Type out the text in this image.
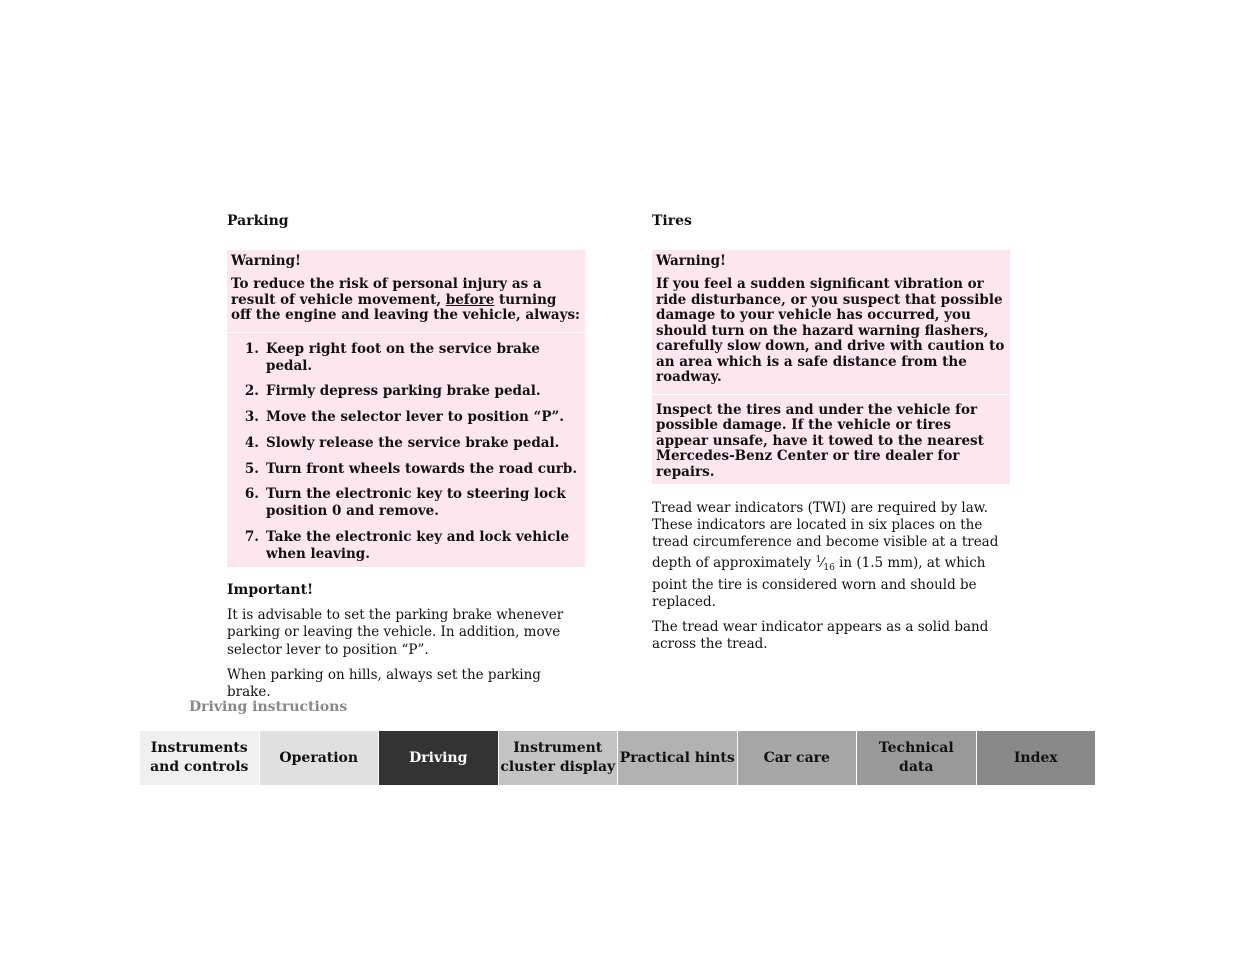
Parking
Warning!

To reduce the risk of personal injury as a result of vehicle movement, before turning off the engine and leaving the vehicle, always:

1. Keep right foot on the service brake pedal.
2. Firmly depress parking brake pedal.
3. Move the selector lever to position “P”.
4. Slowly release the service brake pedal.
5. Turn front wheels towards the road curb.
6. Turn the electronic key to steering lock position 0 and remove.
7. Take the electronic key and lock vehicle when leaving.
Important!

It is advisable to set the parking brake whenever parking or leaving the vehicle. In addition, move selector lever to position “P”.

When parking on hills, always set the parking brake.

Tires
Warning!

If you feel a sudden significant vibration or ride disturbance, or you suspect that possible damage to your vehicle has occurred, you should turn on the hazard warning flashers, carefully slow down, and drive with caution to an area which is a safe distance from the roadway.

Inspect the tires and under the vehicle for possible damage. If the vehicle or tires appear unsafe, have it towed to the nearest Mercedes-Benz Center or tire dealer for repairs.

Tread wear indicators (TWI) are required by law. These indicators are located in six places on the tread circumference and become visible at a tread depth of approximately $^1⁄_{16}$ in (1.5 mm), at which point the tire is considered worn and should be replaced.

The tread wear indicator appears as a solid band across the tread.

Driving instructions
Instruments
and controls
Operation	Driving
Instrument
cluster display
Practical hints Car care
Technical
data
Index
